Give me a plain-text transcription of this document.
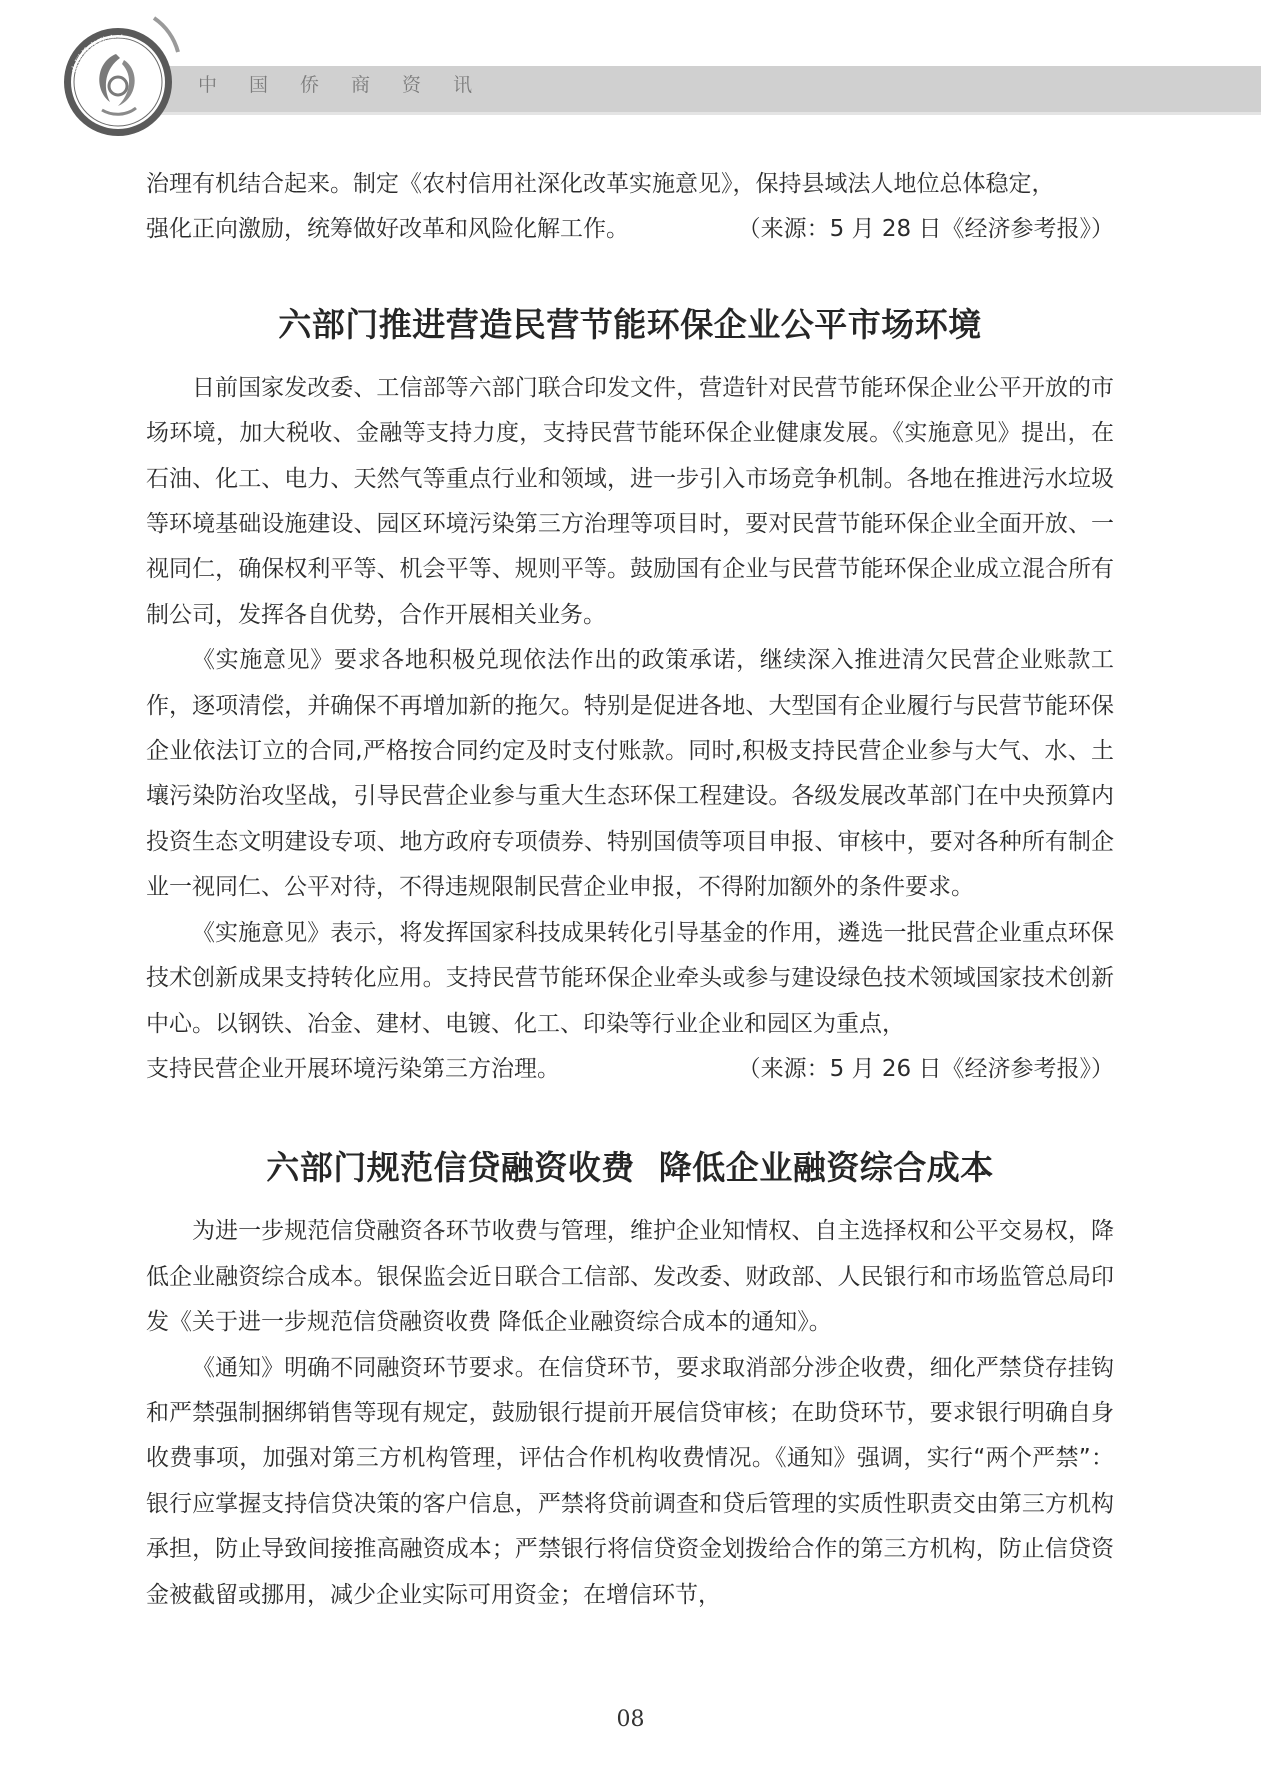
中国侨商资讯
中国侨商联合会

治理有机结合起来。制定《农村信用社深化改革实施意见》，保持县域法人地位总体稳定，

强化正向激励，统筹做好改革和风险化解工作。	（来源：5 月 28 日《经济参考报》）

六部门推进营造民营节能环保企业公平市场环境

日前国家发改委、工信部等六部门联合印发文件，营造针对民营节能环保企业公平开放的市场环境，加大税收、金融等支持力度，支持民营节能环保企业健康发展。《实施意见》提出，在石油、化工、电力、天然气等重点行业和领域，进一步引入市场竞争机制。各地在推进污水垃圾等环境基础设施建设、园区环境污染第三方治理等项目时，要对民营节能环保企业全面开放、一视同仁，确保权利平等、机会平等、规则平等。鼓励国有企业与民营节能环保企业成立混合所有制公司，发挥各自优势，合作开展相关业务。

《实施意见》要求各地积极兑现依法作出的政策承诺，继续深入推进清欠民营企业账款工作，逐项清偿，并确保不再增加新的拖欠。特别是促进各地、大型国有企业履行与民营节能环保企业依法订立的合同,严格按合同约定及时支付账款。同时,积极支持民营企业参与大气、水、土壤污染防治攻坚战，引导民营企业参与重大生态环保工程建设。各级发展改革部门在中央预算内投资生态文明建设专项、地方政府专项债券、特别国债等项目申报、审核中，要对各种所有制企业一视同仁、公平对待，不得违规限制民营企业申报，不得附加额外的条件要求。

《实施意见》表示，将发挥国家科技成果转化引导基金的作用，遴选一批民营企业重点环保技术创新成果支持转化应用。支持民营节能环保企业牵头或参与建设绿色技术领域国家技术创新中心。以钢铁、冶金、建材、电镀、化工、印染等行业企业和园区为重点，

支持民营企业开展环境污染第三方治理。	（来源：5 月 26 日《经济参考报》）

六部门规范信贷融资收费  降低企业融资综合成本

为进一步规范信贷融资各环节收费与管理，维护企业知情权、自主选择权和公平交易权，降低企业融资综合成本。银保监会近日联合工信部、发改委、财政部、人民银行和市场监管总局印发《关于进一步规范信贷融资收费 降低企业融资综合成本的通知》。

《通知》明确不同融资环节要求。在信贷环节，要求取消部分涉企收费，细化严禁贷存挂钩和严禁强制捆绑销售等现有规定，鼓励银行提前开展信贷审核；在助贷环节，要求银行明确自身收费事项，加强对第三方机构管理，评估合作机构收费情况。《通知》强调，实行“两个严禁”：银行应掌握支持信贷决策的客户信息，严禁将贷前调查和贷后管理的实质性职责交由第三方机构承担，防止导致间接推高融资成本；严禁银行将信贷资金划拨给合作的第三方机构，防止信贷资金被截留或挪用，减少企业实际可用资金；在增信环节，

08
